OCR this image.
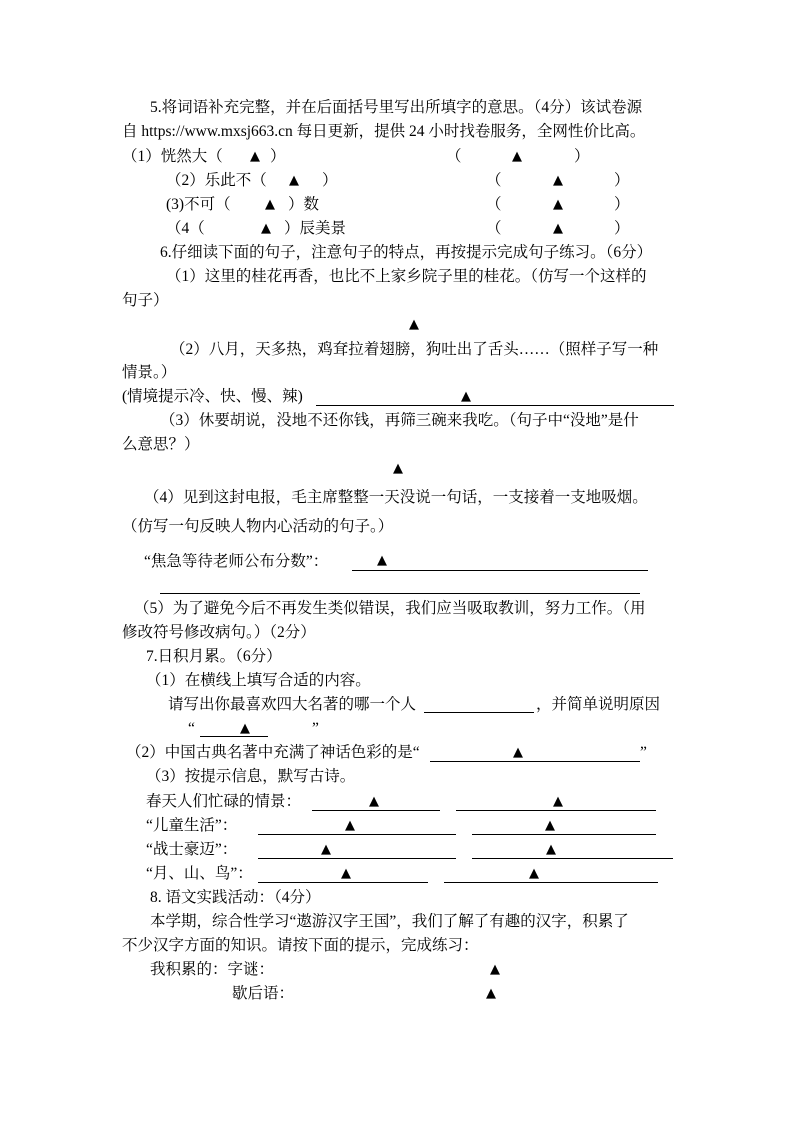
5.将词语补充完整，并在后面括号里写出所填字的意思。（4分）该试卷源
自 https://www.mxsj663.cn 每日更新，提供 24 小时找卷服务，全网性价比高。
（1）恍然大（ ▲ ）	（	▲	）
（2）乐此不（ ▲ ）	（	▲	）
(3)不可（	▲ ）数	（	▲	）
（4（	▲ ）辰美景	（	▲	）
6.仔细读下面的句子，注意句子的特点，再按提示完成句子练习。（6分）
（1）这里的桂花再香，也比不上家乡院子里的桂花。（仿写一个这样的
句子）
▲
（2）八月，天多热，鸡耷拉着翅膀，狗吐出了舌头……（照样子写一种
情景。）
(情境提示冷、快、慢、辣)	▲
（3）休要胡说，没地不还你钱，再筛三碗来我吃。（句子中“没地”是什
么意思？）
▲
（4）见到这封电报，毛主席整整一天没说一句话，一支接着一支地吸烟。
（仿写一句反映人物内心活动的句子。）
“焦急等待老师公布分数”：	▲
（5）为了避免今后不再发生类似错误，我们应当吸取教训，努力工作。（用
修改符号修改病句。）（2分）
7.日积月累。（6分）
（1）在横线上填写合适的内容。
请写出你最喜欢四大名著的哪一个人	，并简单说明原因
“	▲	”
（2）中国古典名著中充满了神话色彩的是“	▲	”
（3）按提示信息，默写古诗。
春天人们忙碌的情景：	▲	▲
“儿童生活”：	▲	▲
“战士豪迈”：	▲	▲
“月、山、鸟”：	▲	▲
8. 语文实践活动：（4分）
本学期，综合性学习“遨游汉字王国”，我们了解了有趣的汉字，积累了
不少汉字方面的知识。请按下面的提示，完成练习：
我积累的：字谜：	▲
歇后语：	▲
